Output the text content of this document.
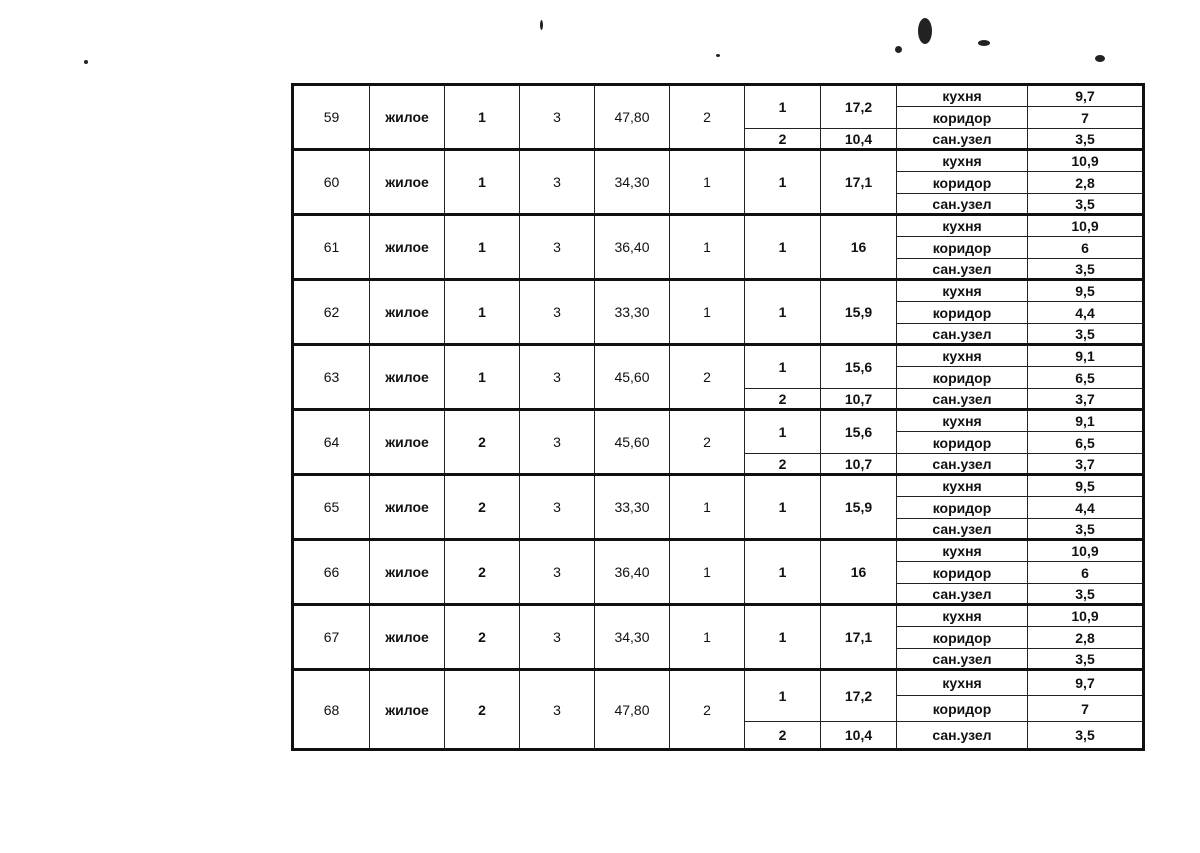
59	жилое	1	3	47,80	2	1	17,2	кухня	9,7
								коридор	7
						2	10,4	сан.узел	3,5
60	жилое	1	3	34,30	1	1	17,1	кухня	10,9
								коридор	2,8
								сан.узел	3,5
61	жилое	1	3	36,40	1	1	16	кухня	10,9
								коридор	6
								сан.узел	3,5
62	жилое	1	3	33,30	1	1	15,9	кухня	9,5
								коридор	4,4
								сан.узел	3,5
63	жилое	1	3	45,60	2	1	15,6	кухня	9,1
								коридор	6,5
						2	10,7	сан.узел	3,7
64	жилое	2	3	45,60	2	1	15,6	кухня	9,1
								коридор	6,5
						2	10,7	сан.узел	3,7
65	жилое	2	3	33,30	1	1	15,9	кухня	9,5
								коридор	4,4
								сан.узел	3,5
66	жилое	2	3	36,40	1	1	16	кухня	10,9
								коридор	6
								сан.узел	3,5
67	жилое	2	3	34,30	1	1	17,1	кухня	10,9
								коридор	2,8
								сан.узел	3,5
68	жилое	2	3	47,80	2	1	17,2	кухня	9,7
								коридор	7
						2	10,4	сан.узел	3,5
